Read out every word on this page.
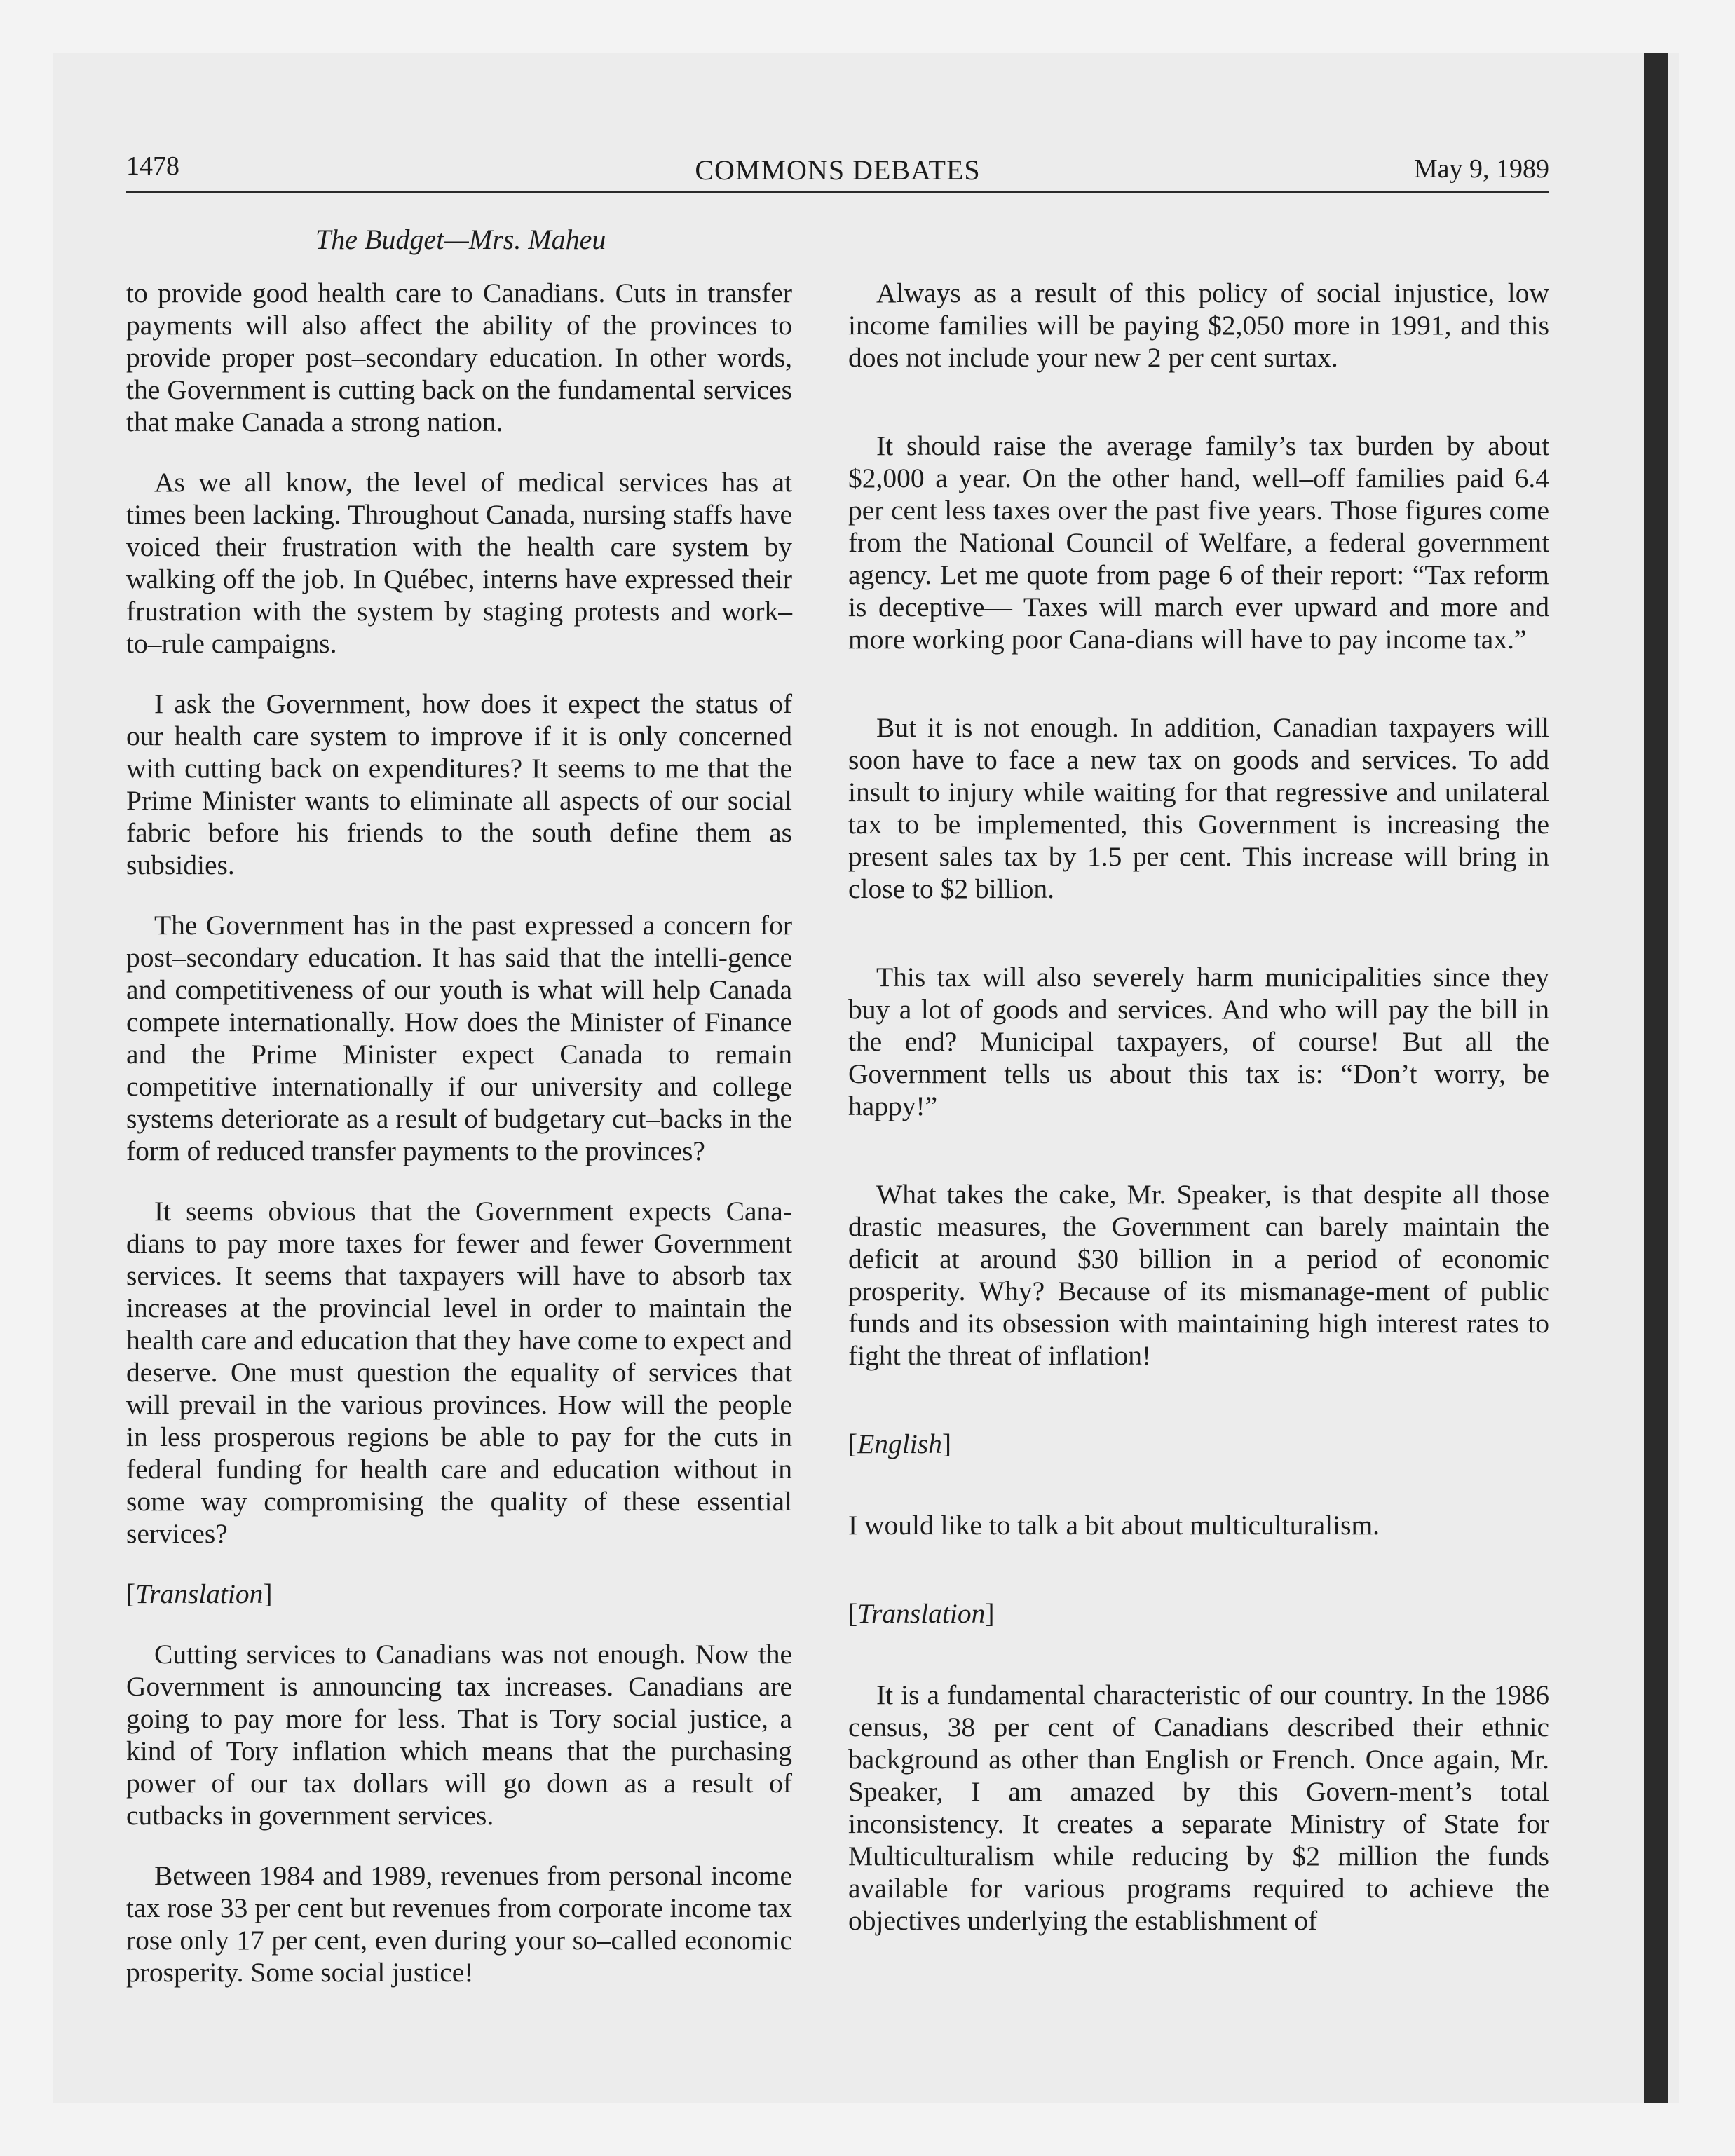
1478	COMMONS DEBATES	May 9, 1989
The Budget—Mrs. Maheu

to provide good health care to Canadians. Cuts in transfer payments will also affect the ability of the provinces to provide proper post–secondary education. In other words, the Government is cutting back on the fundamental services that make Canada a strong nation.

As we all know, the level of medical services has at times been lacking. Throughout Canada, nursing staffs have voiced their frustration with the health care system by walking off the job. In Québec, interns have expressed their frustration with the system by staging protests and work–to–rule campaigns.

I ask the Government, how does it expect the status of our health care system to improve if it is only concerned with cutting back on expenditures? It seems to me that the Prime Minister wants to eliminate all aspects of our social fabric before his friends to the south define them as subsidies.

The Government has in the past expressed a concern for post–secondary education. It has said that the intelli-gence and competitiveness of our youth is what will help Canada compete internationally. How does the Minister of Finance and the Prime Minister expect Canada to remain competitive internationally if our university and college systems deteriorate as a result of budgetary cut–backs in the form of reduced transfer payments to the provinces?

It seems obvious that the Government expects Cana-dians to pay more taxes for fewer and fewer Government services. It seems that taxpayers will have to absorb tax increases at the provincial level in order to maintain the health care and education that they have come to expect and deserve. One must question the equality of services that will prevail in the various provinces. How will the people in less prosperous regions be able to pay for the cuts in federal funding for health care and education without in some way compromising the quality of these essential services?

[Translation]

Cutting services to Canadians was not enough. Now the Government is announcing tax increases. Canadians are going to pay more for less. That is Tory social justice, a kind of Tory inflation which means that the purchasing power of our tax dollars will go down as a result of cutbacks in government services.

Between 1984 and 1989, revenues from personal income tax rose 33 per cent but revenues from corporate income tax rose only 17 per cent, even during your so–called economic prosperity. Some social justice!

Always as a result of this policy of social injustice, low income families will be paying $2,050 more in 1991, and this does not include your new 2 per cent surtax.

It should raise the average family’s tax burden by about $2,000 a year. On the other hand, well–off families paid 6.4 per cent less taxes over the past five years. Those figures come from the National Council of Welfare, a federal government agency. Let me quote from page 6 of their report: “Tax reform is deceptive— Taxes will march ever upward and more and more working poor Cana-dians will have to pay income tax.”

But it is not enough. In addition, Canadian taxpayers will soon have to face a new tax on goods and services. To add insult to injury while waiting for that regressive and unilateral tax to be implemented, this Government is increasing the present sales tax by 1.5 per cent. This increase will bring in close to $2 billion.

This tax will also severely harm municipalities since they buy a lot of goods and services. And who will pay the bill in the end? Municipal taxpayers, of course! But all the Government tells us about this tax is: “Don’t worry, be happy!”

What takes the cake, Mr. Speaker, is that despite all those drastic measures, the Government can barely maintain the deficit at around $30 billion in a period of economic prosperity. Why? Because of its mismanage-ment of public funds and its obsession with maintaining high interest rates to fight the threat of inflation!

[English]

I would like to talk a bit about multiculturalism.

[Translation]

It is a fundamental characteristic of our country. In the 1986 census, 38 per cent of Canadians described their ethnic background as other than English or French. Once again, Mr. Speaker, I am amazed by this Govern-ment’s total inconsistency. It creates a separate Ministry of State for Multiculturalism while reducing by $2 million the funds available for various programs required to achieve the objectives underlying the establishment of
